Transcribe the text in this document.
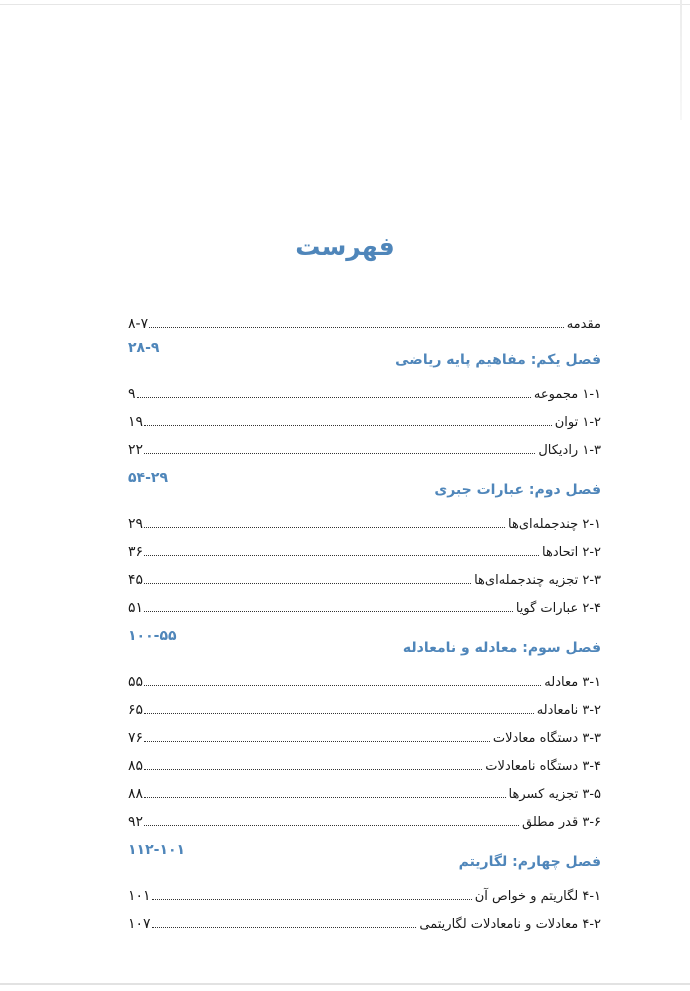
فهرست
مقدمه
۸-۷
فصل یکم: مفاهیم پایه ریاضی
۲۸-۹
۱-۱ مجموعه
۹
۱-۲ توان
۱۹
۱-۳ رادیکال
۲۲
فصل دوم: عبارات جبری
۵۴-۲۹
۲-۱ چندجمله‌ای‌ها
۲۹
۲-۲ اتحادها
۳۶
۲-۳ تجزیه چندجمله‌ای‌ها
۴۵
۲-۴ عبارات گویا
۵۱
فصل سوم: معادله و نامعادله
۱۰۰-۵۵
۳-۱ معادله
۵۵
۳-۲ نامعادله
۶۵
۳-۳ دستگاه معادلات
۷۶
۳-۴ دستگاه نامعادلات
۸۵
۳-۵ تجزیه کسرها
۸۸
۳-۶ قدر مطلق
۹۲
فصل چهارم: لگاریتم
۱۱۲-۱۰۱
۴-۱ لگاریتم و خواص آن
۱۰۱
۴-۲ معادلات و نامعادلات لگاریتمی
۱۰۷
